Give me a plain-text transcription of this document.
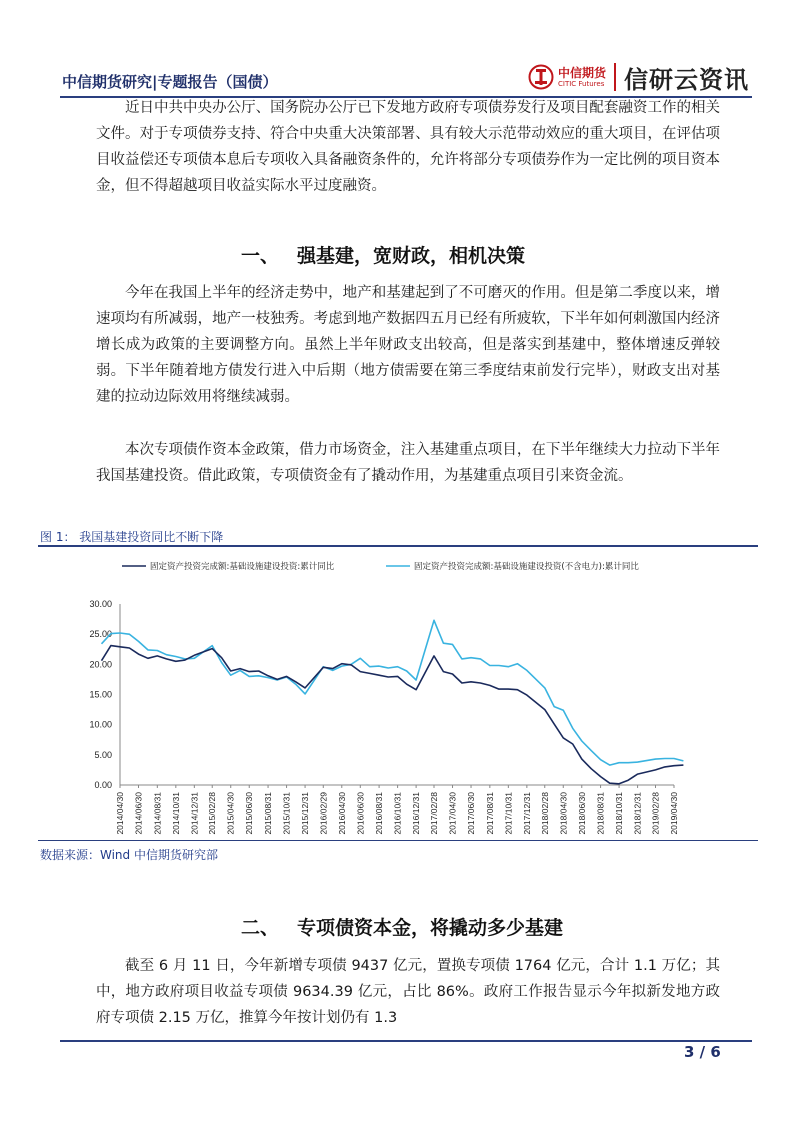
中信期货研究|专题报告（国债）
中信期货
CITIC Futures 信研云资讯

近日中共中央办公厅、国务院办公厅已下发地方政府专项债券发行及项目配套融资工作的相关文件。对于专项债券支持、符合中央重大决策部署、具有较大示范带动效应的重大项目，在评估项目收益偿还专项债本息后专项收入具备融资条件的，允许将部分专项债券作为一定比例的项目资本金，但不得超越项目收益实际水平过度融资。

一、 强基建，宽财政，相机决策

今年在我国上半年的经济走势中，地产和基建起到了不可磨灭的作用。但是第二季度以来，增速项均有所减弱，地产一枝独秀。考虑到地产数据四五月已经有所疲软，下半年如何刺激国内经济增长成为政策的主要调整方向。虽然上半年财政支出较高，但是落实到基建中，整体增速反弹较弱。下半年随着地方债发行进入中后期（地方债需要在第三季度结束前发行完毕），财政支出对基建的拉动边际效用将继续减弱。

本次专项债作资本金政策，借力市场资金，注入基建重点项目，在下半年继续大力拉动下半年我国基建投资。借此政策，专项债资金有了撬动作用，为基建重点项目引来资金流。

图 1： 我国基建投资同比不断下降
30.00
25.00
20.00
15.00
10.00
5.00
0.00
2014/04/30 2014/06/30 2014/08/31 2014/10/31 2014/12/31 2015/02/28 2015/04/30 2015/06/30 2015/08/31 2015/10/31 2015/12/31 2016/02/29 2016/04/30 2016/06/30 2016/08/31 2016/10/31 2016/12/31 2017/02/28 2017/04/30 2017/06/30 2017/08/31 2017/10/31 2017/12/31 2018/02/28 2018/04/30 2018/06/30 2018/08/31 2018/10/31 2018/12/31 2019/02/28 2019/04/30
固定资产投资完成额:基础设施建设投资:累计同比	固定资产投资完成额:基础设施建设投资(不含电力):累计同比
数据来源：Wind 中信期货研究部
二、 专项债资本金，将撬动多少基建

截至 6 月 11 日，今年新增专项债 9437 亿元，置换专项债 1764 亿元，合计 1.1 万亿；其中，地方政府项目收益专项债 9634.39 亿元，占比 86%。政府工作报告显示今年拟新发地方政府专项债 2.15 万亿，推算今年按计划仍有 1.3

3 / 6
